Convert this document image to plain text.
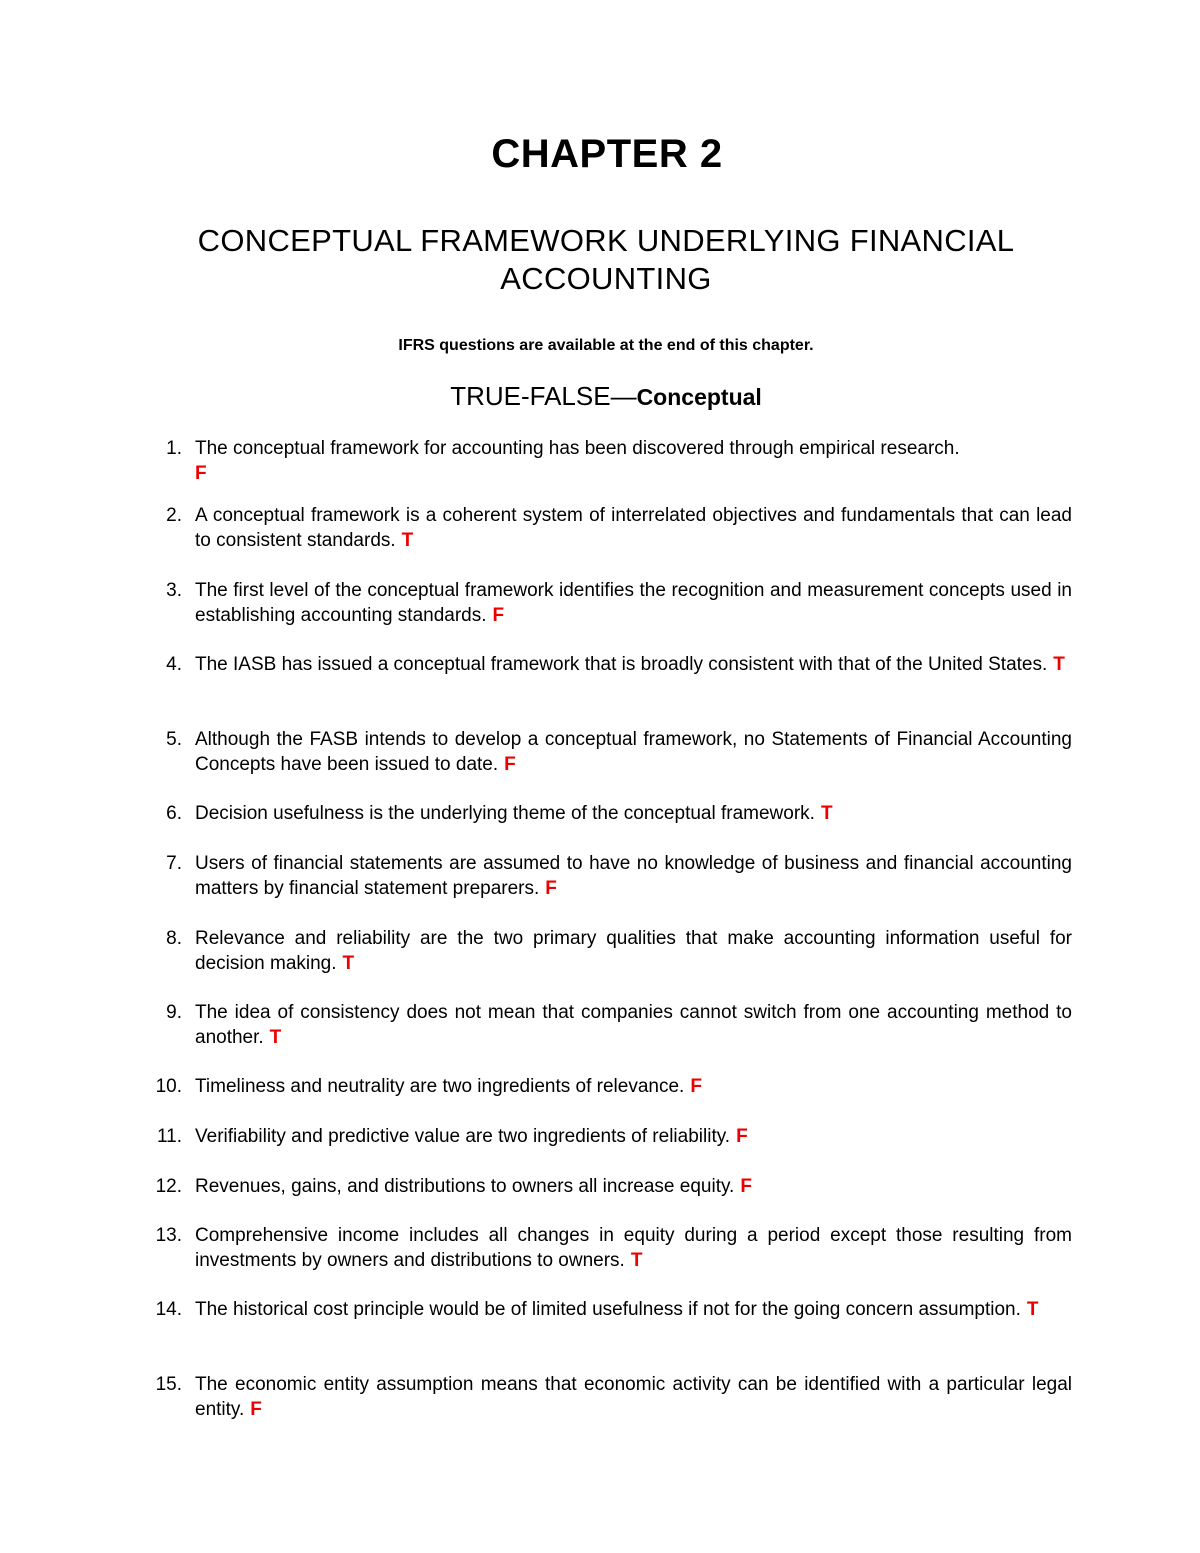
CHAPTER 2
CONCEPTUAL FRAMEWORK UNDERLYING FINANCIAL ACCOUNTING
IFRS questions are available at the end of this chapter.
TRUE-FALSE—Conceptual
1. The conceptual framework for accounting has been discovered through empirical research.
F
2. A conceptual framework is a coherent system of interrelated objectives and fundamentals that can lead to consistent standards. T
3. The first level of the conceptual framework identifies the recognition and measurement concepts used in establishing accounting standards. F
4. The IASB has issued a conceptual framework that is broadly consistent with that of the United States. T
5. Although the FASB intends to develop a conceptual framework, no Statements of Financial Accounting Concepts have been issued to date. F
6. Decision usefulness is the underlying theme of the conceptual framework. T
7. Users of financial statements are assumed to have no knowledge of business and financial accounting matters by financial statement preparers. F
8. Relevance and reliability are the two primary qualities that make accounting information useful for decision making. T
9. The idea of consistency does not mean that companies cannot switch from one accounting method to another. T
10. Timeliness and neutrality are two ingredients of relevance. F
11. Verifiability and predictive value are two ingredients of reliability. F
12. Revenues, gains, and distributions to owners all increase equity. F
13. Comprehensive income includes all changes in equity during a period except those resulting from investments by owners and distributions to owners. T
14. The historical cost principle would be of limited usefulness if not for the going concern assumption. T
15. The economic entity assumption means that economic activity can be identified with a particular legal entity. F
